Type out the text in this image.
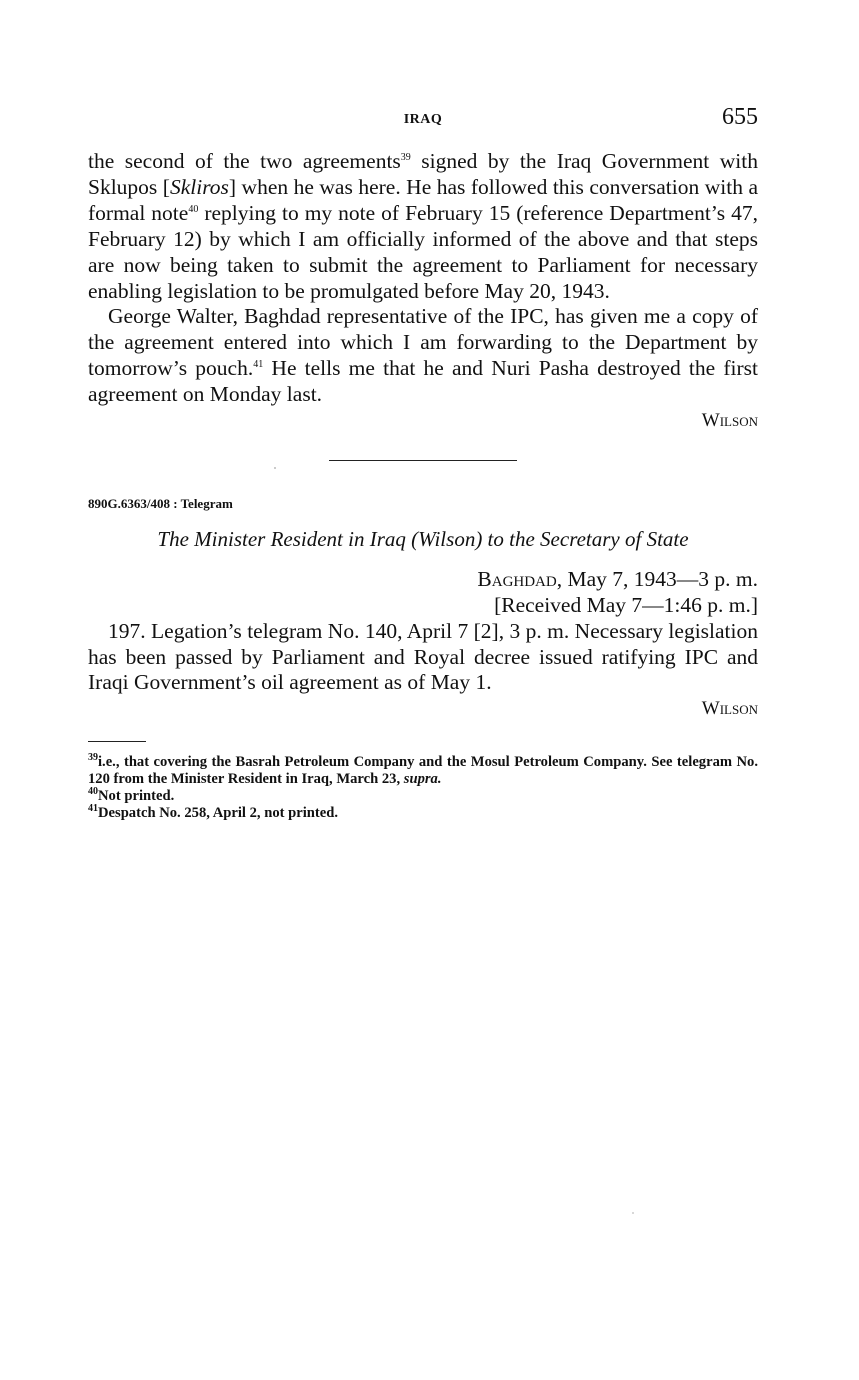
IRAQ	655

the second of the two agreements$^{39}$ signed by the Iraq Government with Sklupos [Skliros] when he was here. He has followed this conversation with a formal note$^{40}$ replying to my note of February 15 (reference Department’s 47, February 12) by which I am officially informed of the above and that steps are now being taken to submit the agreement to Parliament for necessary enabling legislation to be promulgated before May 20, 1943.

George Walter, Baghdad representative of the IPC, has given me a copy of the agreement entered into which I am forwarding to the Department by tomorrow’s pouch.$^{41}$ He tells me that he and Nuri Pasha destroyed the first agreement on Monday last.

Wilson
890G.6363/408 : Telegram
The Minister Resident in Iraq (Wilson) to the Secretary of State
Baghdad, May 7, 1943—3 p. m.
[Received May 7—1:46 p. m.]

197. Legation’s telegram No. 140, April 7 [2], 3 p. m. Necessary legislation has been passed by Parliament and Royal decree issued ratifying IPC and Iraqi Government’s oil agreement as of May 1.

Wilson
$^{39}$i.e., that covering the Basrah Petroleum Company and the Mosul Petroleum Company. See telegram No. 120 from the Minister Resident in Iraq, March 23, supra.
$^{40}$Not printed.
$^{41}$Despatch No. 258, April 2, not printed.
